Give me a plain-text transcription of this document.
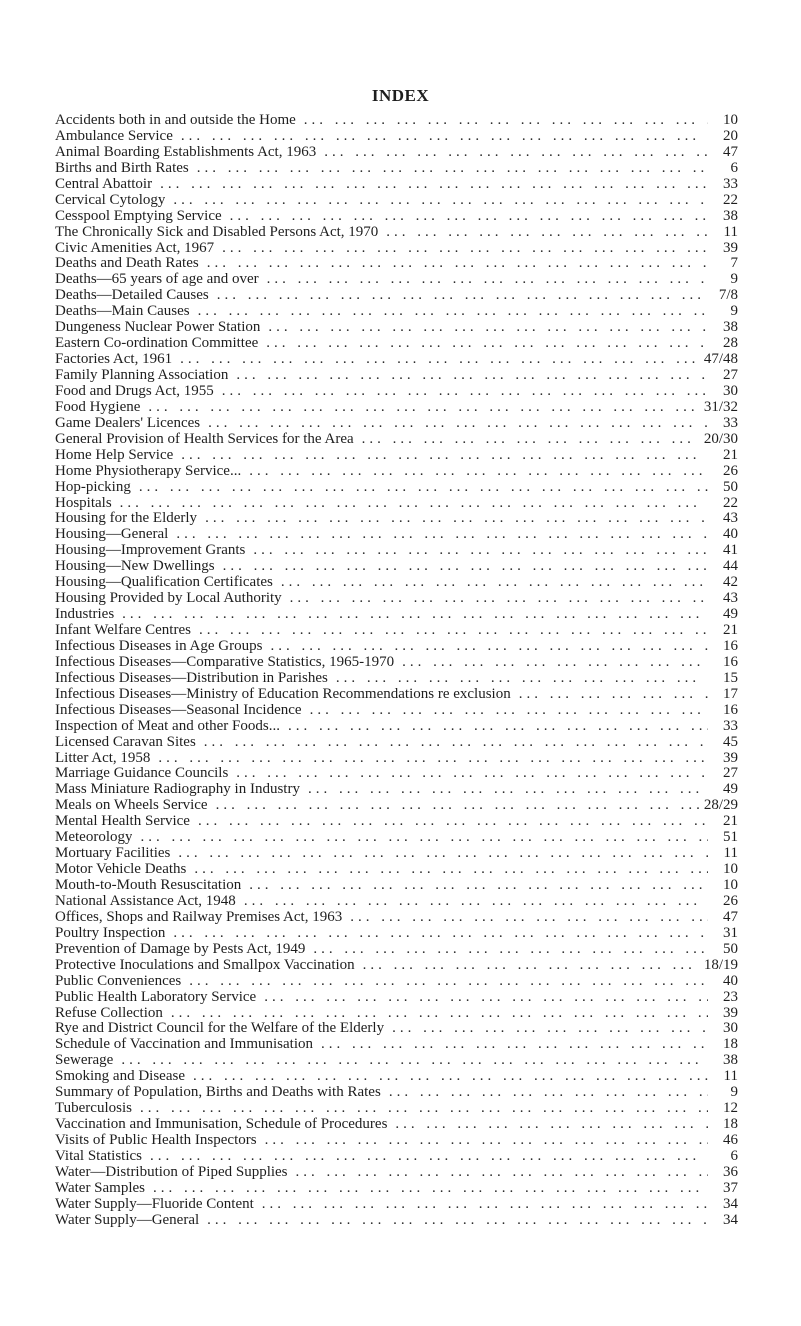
INDEX
Accidents both in and outside the Home ... .	10
Ambulance Service ... .	20
Animal Boarding Establishments Act, 1963 ... .	47
Births and Birth Rates ... .	6
Central Abattoir ... .	33
Cervical Cytology ... .	22
Cesspool Emptying Service ... .	38
The Chronically Sick and Disabled Persons Act, 1970 ... .	11
Civic Amenities Act, 1967 ... .	39
Deaths and Death Rates ... .	7
Deaths—65 years of age and over ... .	9
Deaths—Detailed Causes ... .	7/8
Deaths—Main Causes ... .	9
Dungeness Nuclear Power Station ... .	38
Eastern Co-ordination Committee ... .	28
Factories Act, 1961 ... .	47/48
Family Planning Association ... .	27
Food and Drugs Act, 1955 ... .	30
Food Hygiene ... .	31/32
Game Dealers' Licences ... .	33
General Provision of Health Services for the Area ... .	20/30
Home Help Service ... .	21
Home Physiotherapy Service... ... .	26
Hop-picking ... .	50
Hospitals ... .	22
Housing for the Elderly ... .	43
Housing—General ... .	40
Housing—Improvement Grants ... .	41
Housing—New Dwellings ... .	44
Housing—Qualification Certificates ... .	42
Housing Provided by Local Authority ... .	43
Industries ... .	49
Infant Welfare Centres ... .	21
Infectious Diseases in Age Groups ... .	16
Infectious Diseases—Comparative Statistics, 1965-1970 ... .	16
Infectious Diseases—Distribution in Parishes ... .	15
Infectious Diseases—Ministry of Education Recommendations re exclusion ... .	17
Infectious Diseases—Seasonal Incidence ... .	16
Inspection of Meat and other Foods... ... .	33
Licensed Caravan Sites ... .	45
Litter Act, 1958 ... .	39
Marriage Guidance Councils ... .	27
Mass Miniature Radiography in Industry ... .	49
Meals on Wheels Service ... .	28/29
Mental Health Service ... .	21
Meteorology ... .	51
Mortuary Facilities ... .	11
Motor Vehicle Deaths ... .	10
Mouth-to-Mouth Resuscitation ... .	10
National Assistance Act, 1948 ... .	26
Offices, Shops and Railway Premises Act, 1963 ... .	47
Poultry Inspection ... .	31
Prevention of Damage by Pests Act, 1949 ... .	50
Protective Inoculations and Smallpox Vaccination ... .	18/19
Public Conveniences ... .	40
Public Health Laboratory Service ... .	23
Refuse Collection ... .	39
Rye and District Council for the Welfare of the Elderly ... .	30
Schedule of Vaccination and Immunisation ... .	18
Sewerage ... .	38
Smoking and Disease ... .	11
Summary of Population, Births and Deaths with Rates ... .	9
Tuberculosis ... .	12
Vaccination and Immunisation, Schedule of Procedures ... .	18
Visits of Public Health Inspectors ... .	46
Vital Statistics ... .	6
Water—Distribution of Piped Supplies ... .	36
Water Samples ... .	37
Water Supply—Fluoride Content ... .	34
Water Supply—General ... .	34
